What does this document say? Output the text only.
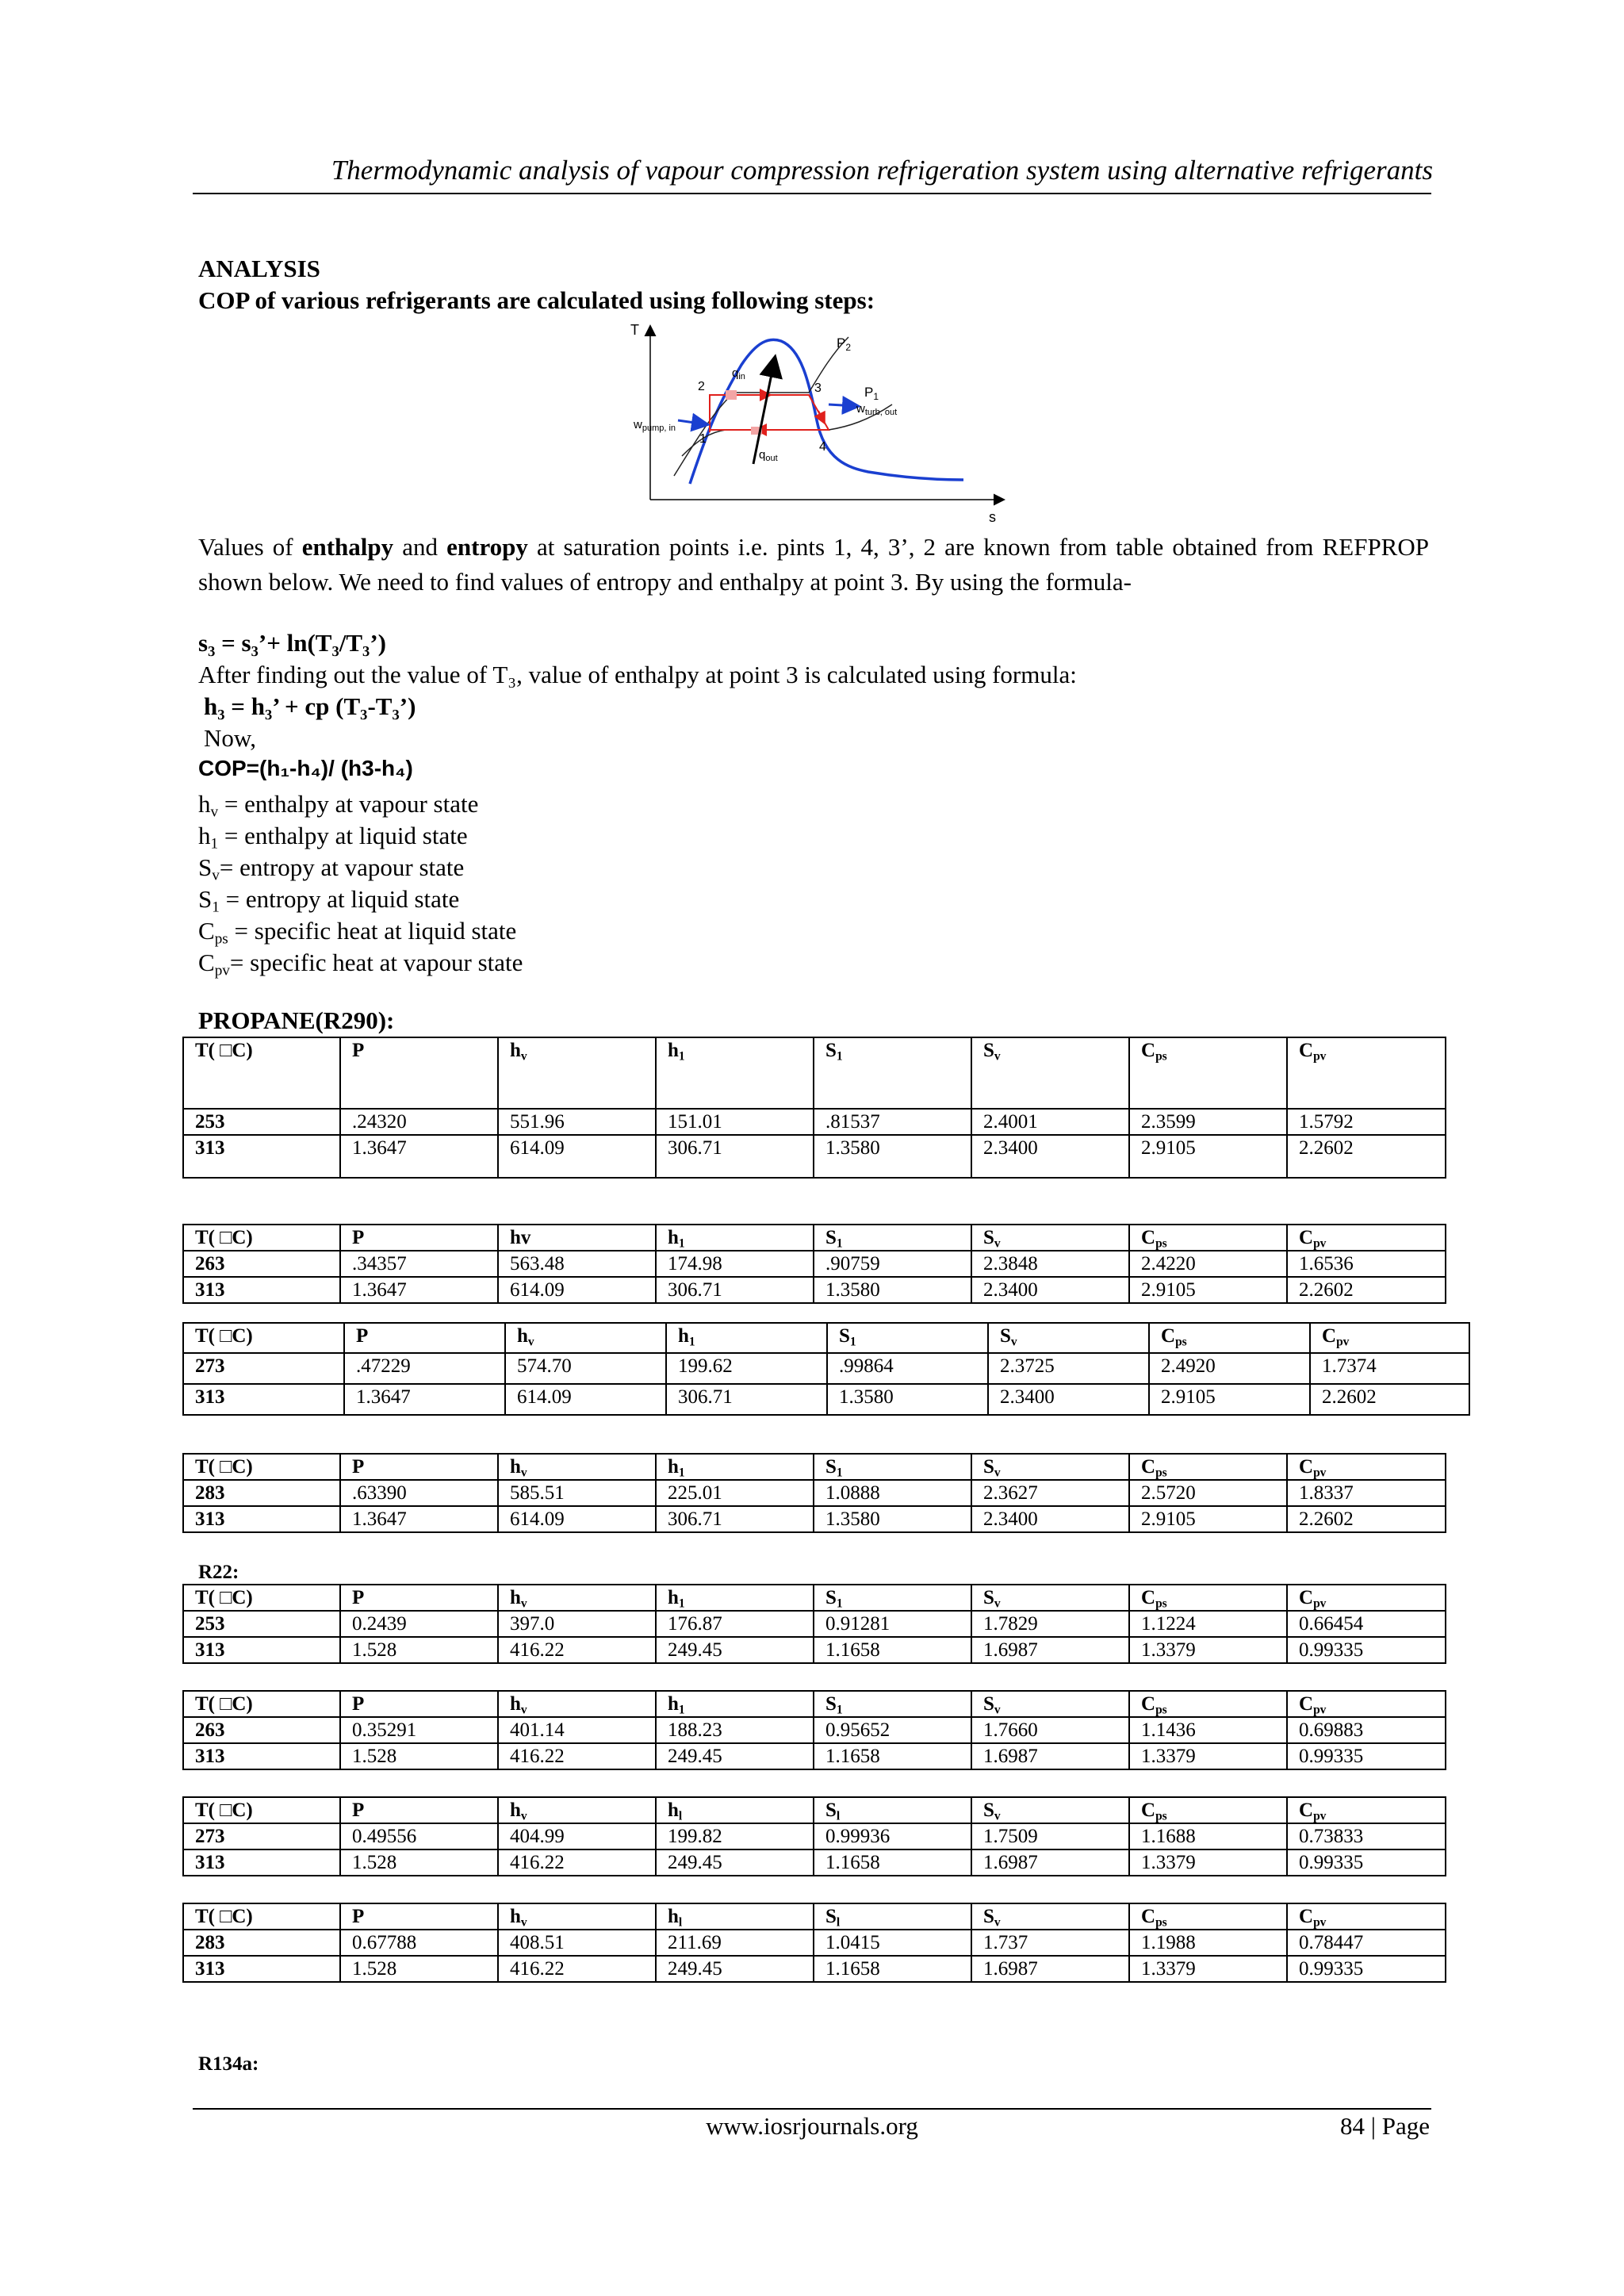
Thermodynamic analysis of vapour compression refrigeration system using alternative refrigerants
ANALYSIS
COP of various refrigerants are calculated using following steps:
T
s
$P_2$
$P_1$
1
2	3
4
$q_{in}$
$q_{out}$
$w_{pump, in}$
$w_{turb, out}$
Values of enthalpy and entropy at saturation points i.e. pints 1, 4, 3’, 2 are known from table obtained from REFPROP shown below. We need to find values of entropy and enthalpy at point 3. By using the formula-
s₃ = s₃’+ ln(T₃/T₃’)
After finding out the value of T₃, value of enthalpy at point 3 is calculated using formula:
h₃ = h₃’ + cp (T₃-T₃’)
Now,
COP=(h₁-h₄)/ (h3-h₄)
$h_v$ = enthalpy at vapour state
$h_1$ = enthalpy at liquid state
$S_v=$ entropy at vapour state
$S_1$ = entropy at liquid state
$C_{ps}$ = specific heat at liquid state
$C_{pv}=$ specific heat at vapour state
PROPANE(R290):
R22:
R134a:
T( □C)	P	$h_v$	$h_1$	$S_1$	$S_v$	$C_{ps}$	$C_{pv}$
253	.24320	551.96	151.01	.81537	2.4001	2.3599	1.5792
313	1.3647	614.09	306.71	1.3580	2.3400	2.9105	2.2602
T( □C)	P	hv	$h_1$	$S_1$	$S_v$	$C_{ps}$	$C_{pv}$
263	.34357	563.48	174.98	.90759	2.3848	2.4220	1.6536
313	1.3647	614.09	306.71	1.3580	2.3400	2.9105	2.2602
T( □C)	P	$h_v$	$h_1$	$S_1$	$S_v$	$C_{ps}$	$C_{pv}$
273	.47229	574.70	199.62	.99864	2.3725	2.4920	1.7374
313	1.3647	614.09	306.71	1.3580	2.3400	2.9105	2.2602
T( □C)	P	$h_v$	$h_1$	$S_1$	$S_v$	$C_{ps}$	$C_{pv}$
283	.63390	585.51	225.01	1.0888	2.3627	2.5720	1.8337
313	1.3647	614.09	306.71	1.3580	2.3400	2.9105	2.2602
T( □C)	P	$h_v$	$h_1$	$S_1$	$S_v$	$C_{ps}$	$C_{pv}$
253	0.2439	397.0	176.87	0.91281	1.7829	1.1224	0.66454
313	1.528	416.22	249.45	1.1658	1.6987	1.3379	0.99335
T( □C)	P	$h_v$	$h_1$	$S_1$	$S_v$	$C_{ps}$	$C_{pv}$
263	0.35291	401.14	188.23	0.95652	1.7660	1.1436	0.69883
313	1.528	416.22	249.45	1.1658	1.6987	1.3379	0.99335
T( □C)	P	$h_v$	$h_l$	$S_l$	$S_v$	$C_{ps}$	$C_{pv}$
273	0.49556	404.99	199.82	0.99936	1.7509	1.1688	0.73833
313	1.528	416.22	249.45	1.1658	1.6987	1.3379	0.99335
T( □C)	P	$h_v$	$h_l$	$S_l$	$S_v$	$C_{ps}$	$C_{pv}$
283	0.67788	408.51	211.69	1.0415	1.737	1.1988	0.78447
313	1.528	416.22	249.45	1.1658	1.6987	1.3379	0.99335
www.iosrjournals.org	84 | Page
